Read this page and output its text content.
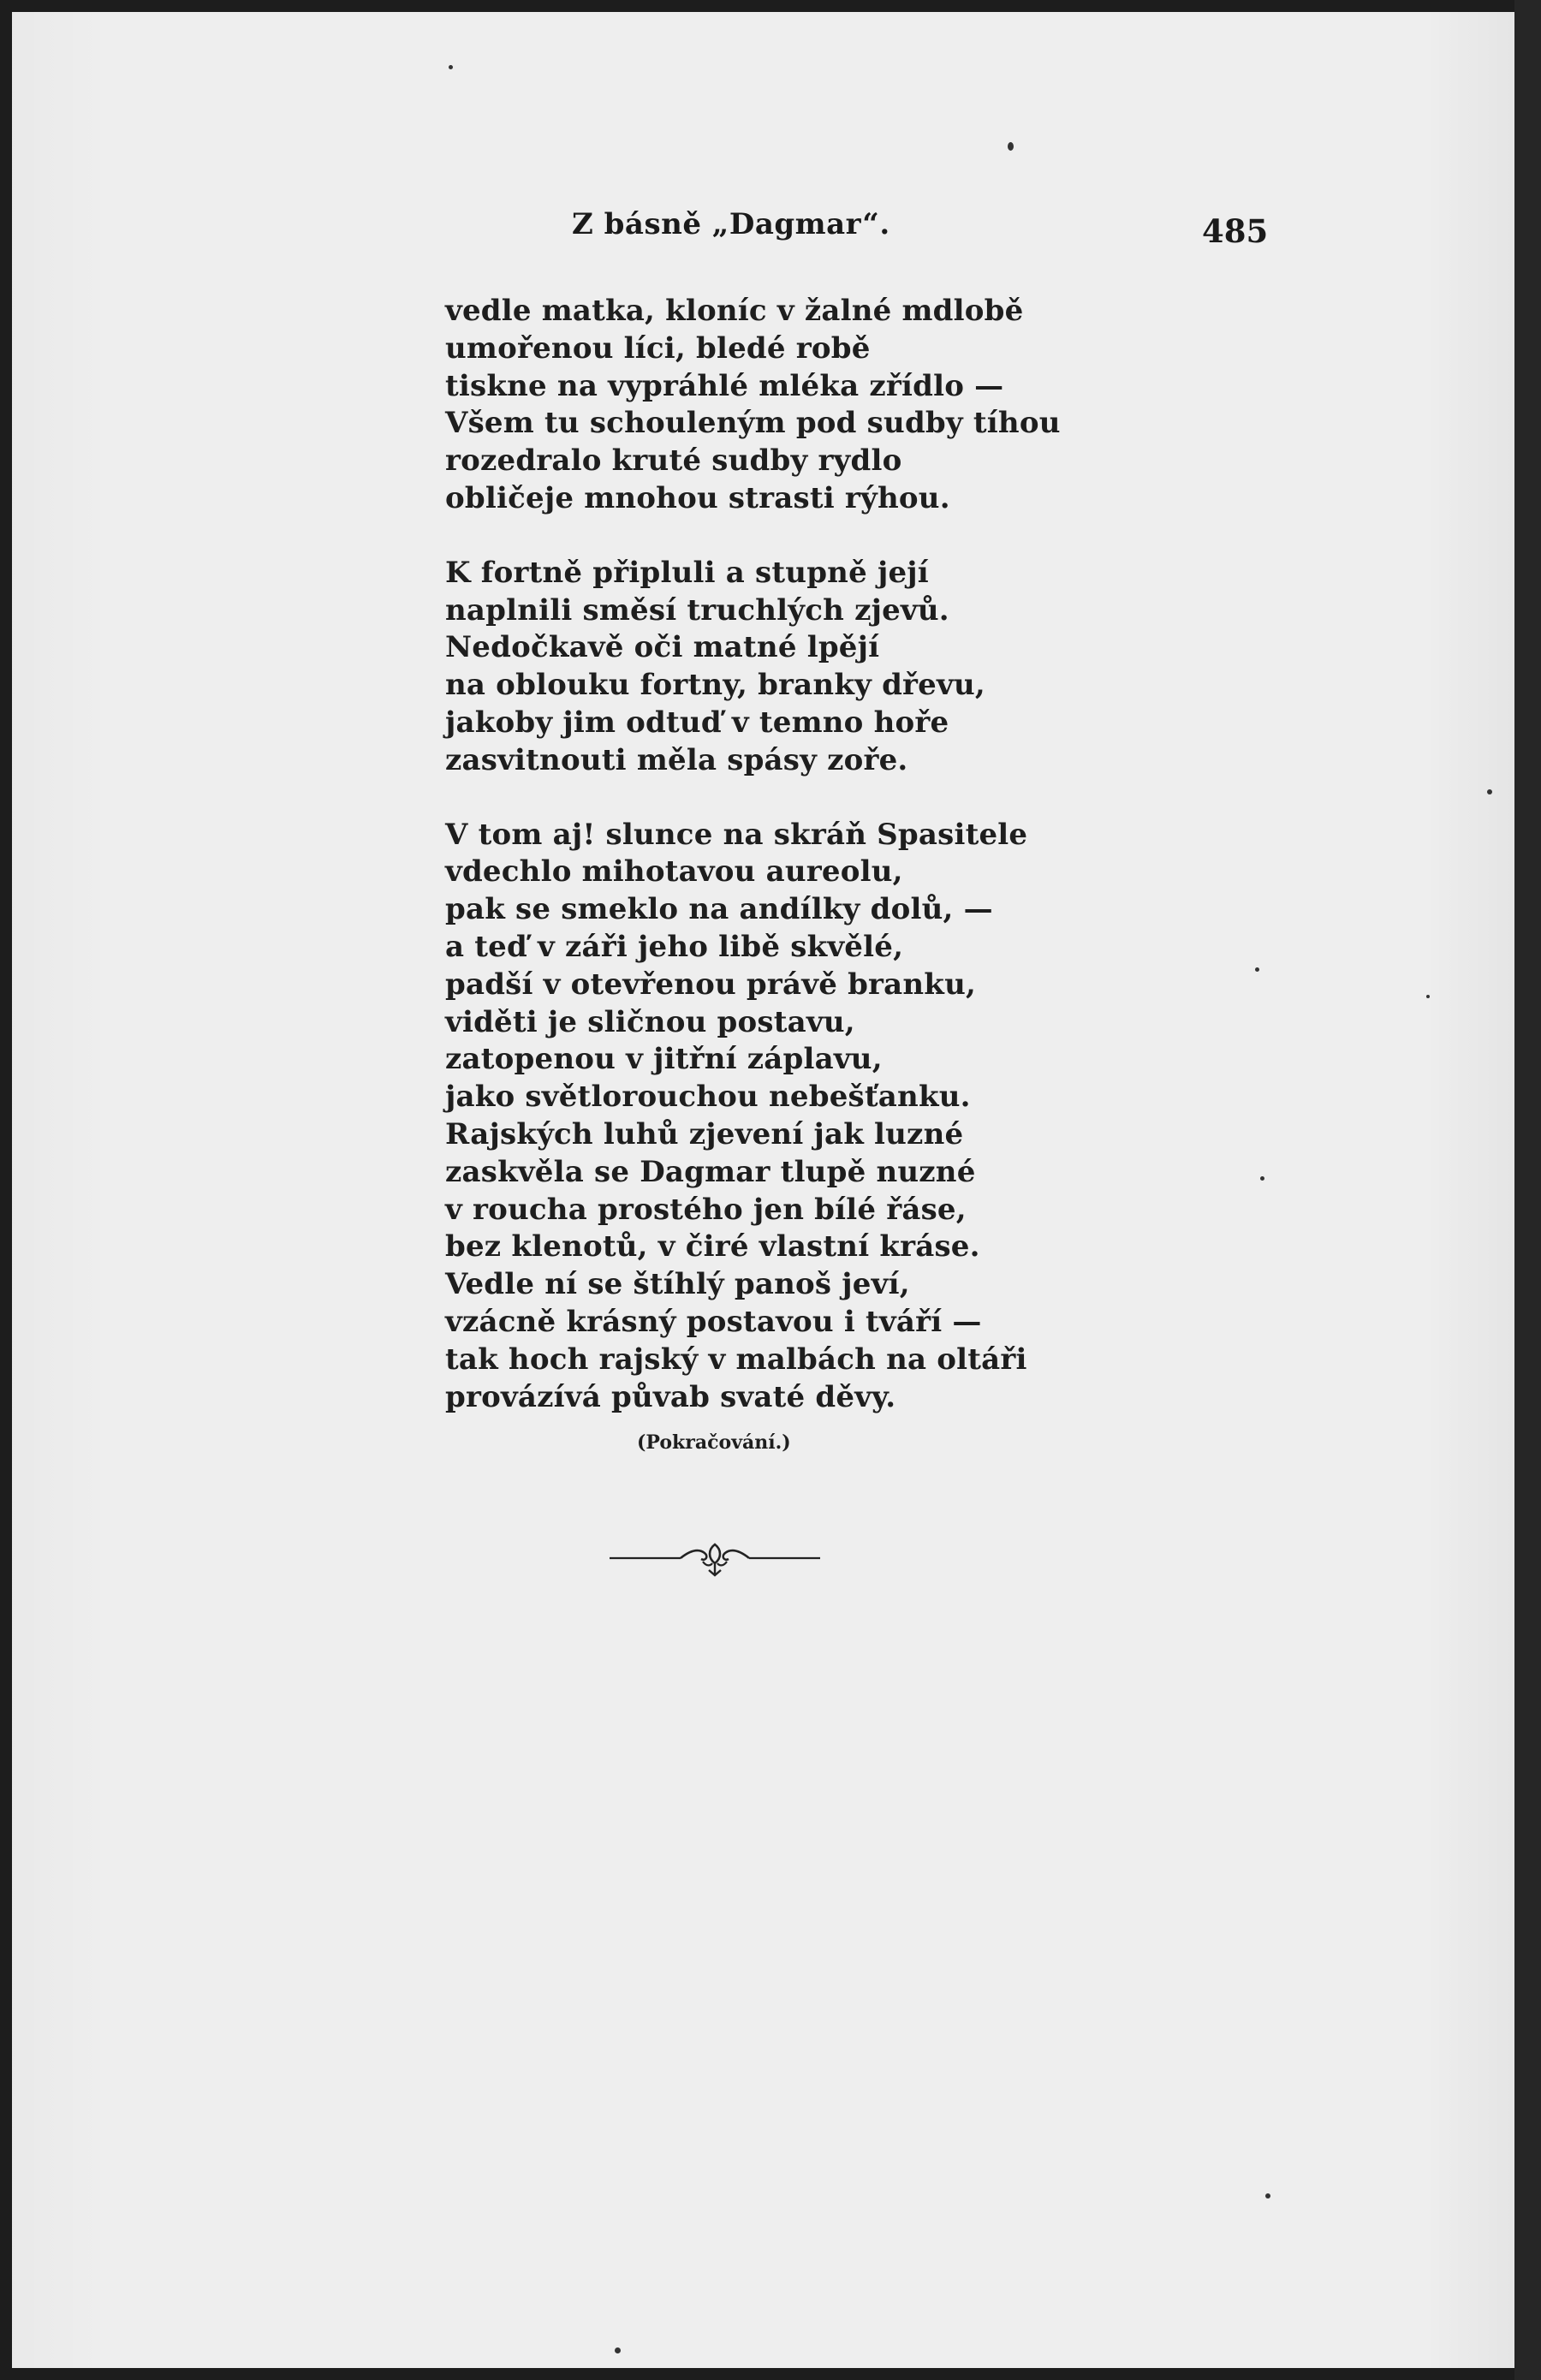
Z básně „Dagmar“.	485
vedle matka, kloníc v žalné mdlobě
umořenou líci, bledé robě
tiskne na vypráhlé mléka zřídlo —
Všem tu schouleným pod sudby tíhou
rozedralo kruté sudby rydlo
obličeje mnohou strasti rýhou.
K fortně připluli a stupně její
naplnili směsí truchlých zjevů.
Nedočkavě oči matné lpějí
na oblouku fortny, branky dřevu,
jakoby jim odtuď v temno hoře
zasvitnouti měla spásy zoře.
V tom aj! slunce na skráň Spasitele
vdechlo mihotavou aureolu,
pak se smeklo na andílky dolů, —
a teď v záři jeho libě skvělé,
padší v otevřenou právě branku,
viděti je sličnou postavu,
zatopenou v jitřní záplavu,
jako světlorouchou nebešťanku.
Rajských luhů zjevení jak luzné
zaskvěla se Dagmar tlupě nuzné
v roucha prostého jen bílé řáse,
bez klenotů, v čiré vlastní kráse.
Vedle ní se štíhlý panoš jeví,
vzácně krásný postavou i tváří —
tak hoch rajský v malbách na oltáři
provázívá půvab svaté děvy.
(Pokračování.)
